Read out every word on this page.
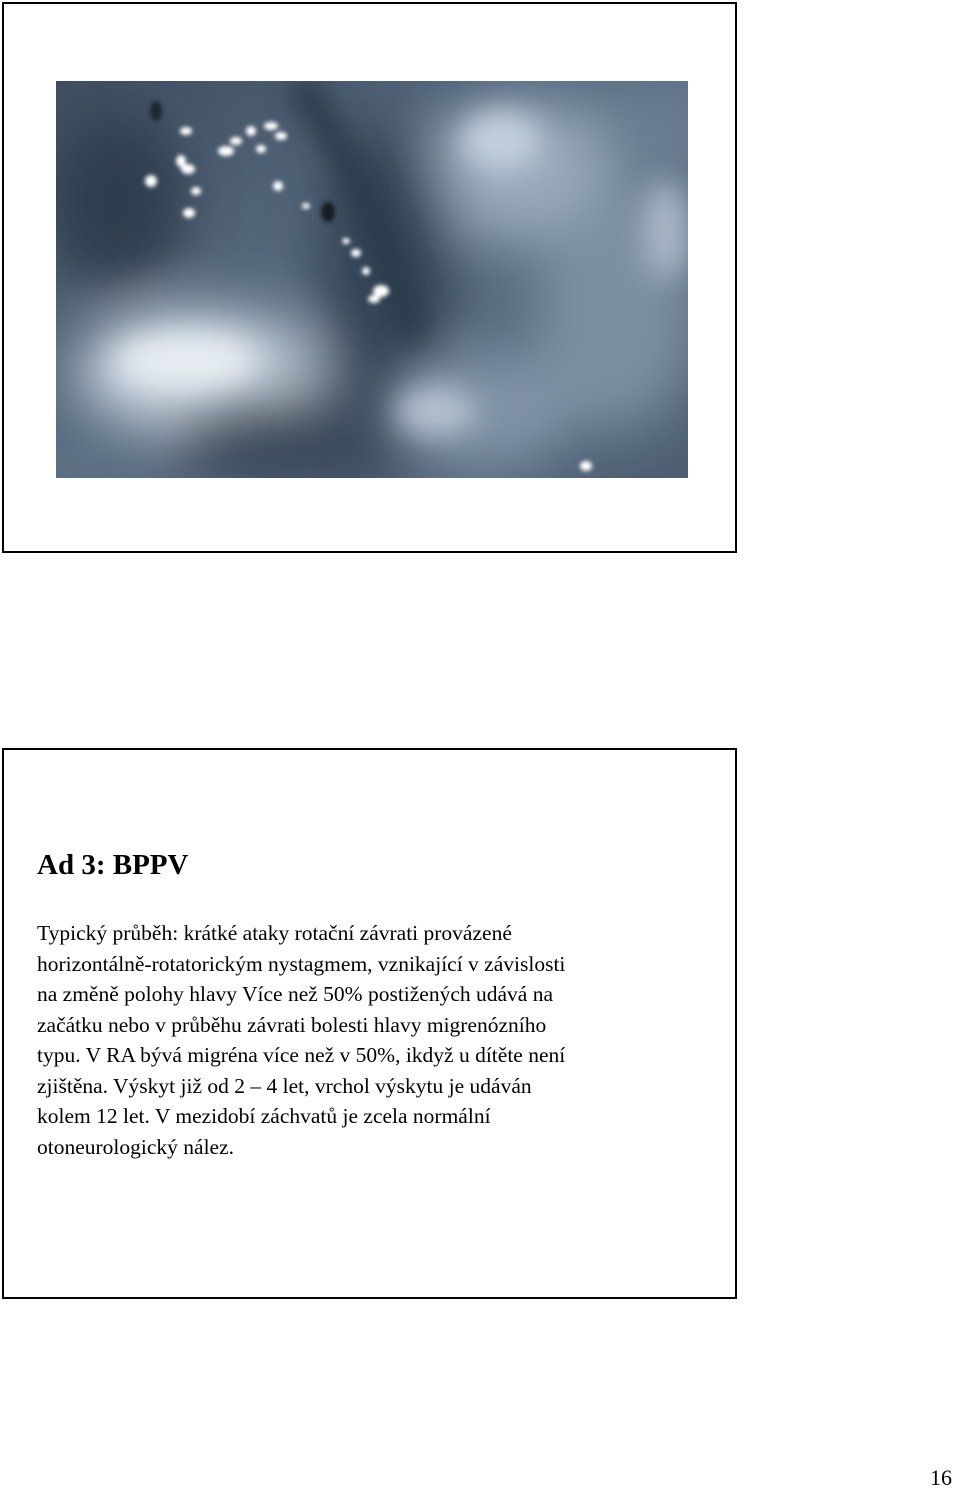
Ad 3: BPPV

Typický průběh: krátké ataky rotační závrati provázené
horizontálně-rotatorickým nystagmem, vznikající v závislosti
na změně polohy hlavy Více než 50% postižených udává na
začátku nebo v průběhu závrati bolesti hlavy migrenózního
typu. V RA bývá migréna více než v 50%, ikdyž u dítěte není
zjištěna. Výskyt již od 2 – 4 let, vrchol výskytu je udáván
kolem 12 let. V mezidobí záchvatů je zcela normální
otoneurologický nález.

16
